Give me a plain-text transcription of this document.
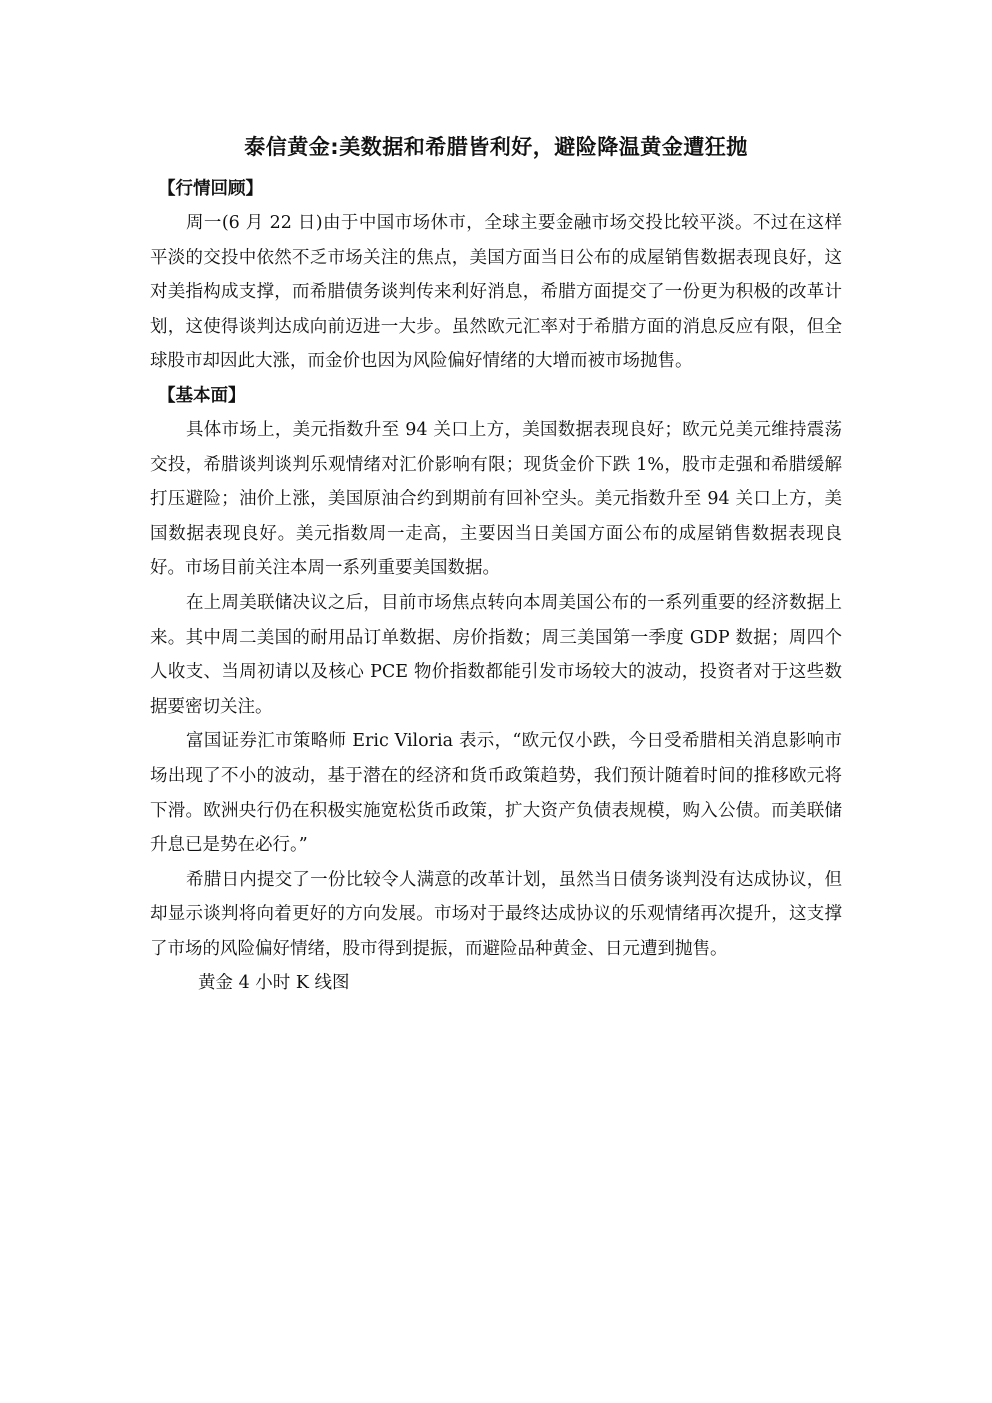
泰信黄金:美数据和希腊皆利好，避险降温黄金遭狂抛
【行情回顾】

周一(6 月 22 日)由于中国市场休市，全球主要金融市场交投比较平淡。不过在这样平淡的交投中依然不乏市场关注的焦点，美国方面当日公布的成屋销售数据表现良好，这对美指构成支撑，而希腊债务谈判传来利好消息，希腊方面提交了一份更为积极的改革计划，这使得谈判达成向前迈进一大步。虽然欧元汇率对于希腊方面的消息反应有限，但全球股市却因此大涨，而金价也因为风险偏好情绪的大增而被市场抛售。

【基本面】

具体市场上，美元指数升至 94 关口上方，美国数据表现良好；欧元兑美元维持震荡交投，希腊谈判谈判乐观情绪对汇价影响有限；现货金价下跌 1%，股市走强和希腊缓解打压避险；油价上涨，美国原油合约到期前有回补空头。美元指数升至 94 关口上方，美国数据表现良好。美元指数周一走高，主要因当日美国方面公布的成屋销售数据表现良好。市场目前关注本周一系列重要美国数据。

在上周美联储决议之后，目前市场焦点转向本周美国公布的一系列重要的经济数据上来。其中周二美国的耐用品订单数据、房价指数；周三美国第一季度 GDP 数据；周四个人收支、当周初请以及核心 PCE 物价指数都能引发市场较大的波动，投资者对于这些数据要密切关注。

富国证券汇市策略师 Eric Viloria 表示，“欧元仅小跌，今日受希腊相关消息影响市场出现了不小的波动，基于潜在的经济和货币政策趋势，我们预计随着时间的推移欧元将下滑。欧洲央行仍在积极实施宽松货币政策，扩大资产负债表规模，购入公债。而美联储升息已是势在必行。”

希腊日内提交了一份比较令人满意的改革计划，虽然当日债务谈判没有达成协议，但却显示谈判将向着更好的方向发展。市场对于最终达成协议的乐观情绪再次提升，这支撑了市场的风险偏好情绪，股市得到提振，而避险品种黄金、日元遭到抛售。

黄金 4 小时 K 线图
